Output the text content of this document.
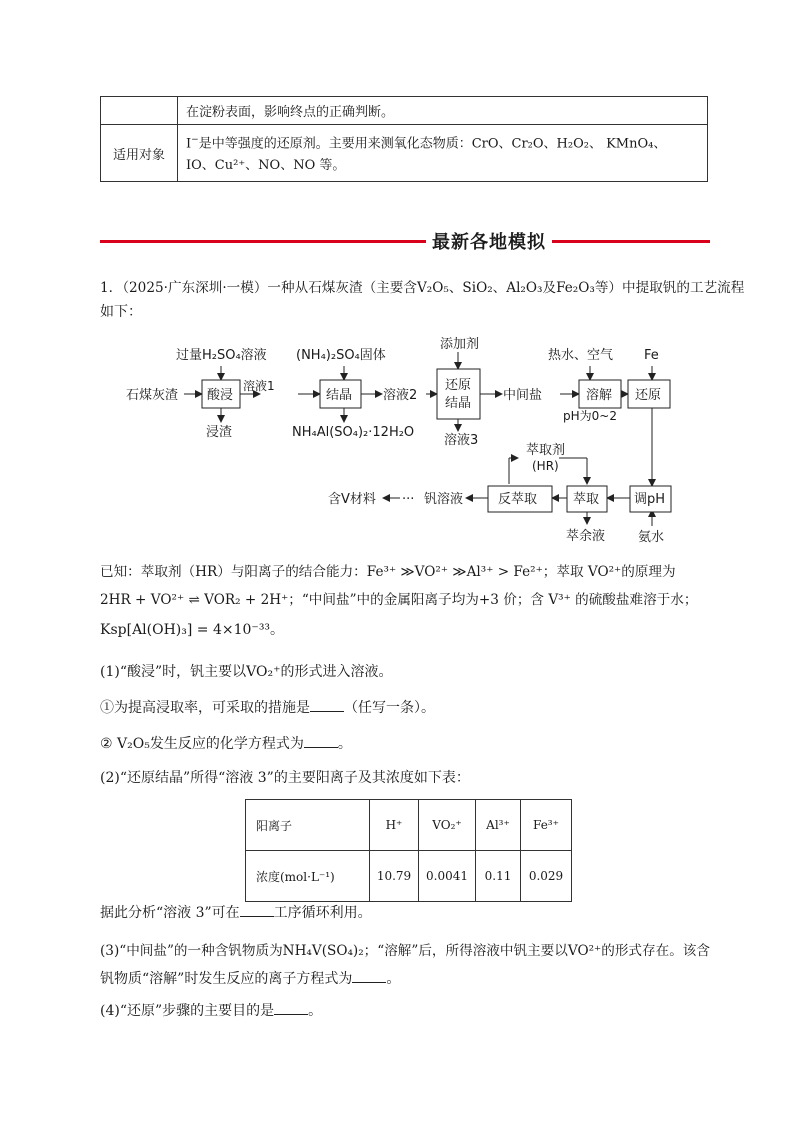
	在淀粉表面，影响终点的正确判断。
适用对象	I−是中等强度的还原剂。主要用来测氧化态物质：CrO、Cr₂O、H₂O₂、 KMnO₄、
IO、Cu²⁺、NO、NO 等。
最新各地模拟
1．（2025·广东深圳·一模）一种从石煤灰渣（主要含V₂O₅、SiO₂、Al₂O₃及Fe₂O₃等）中提取钒的工艺流程
如下：
石煤灰渣 酸浸	结晶
还原
结晶
溶解 还原
调pH
萃取
反萃取
过量H₂SO₄溶液 (NH₄)₂SO₄固体
添加剂
热水、空气 Fe
氨水
浸渣	NH₄Al(SO₄)₂·12H₂O
溶液3
溶液1
溶液2	中间盐
pH为0~2
萃取剂
(HR)
萃余液
钒溶液
···
含V材料
已知：萃取剂（HR）与阳离子的结合能力：Fe³⁺ ≫VO²⁺ ≫Al³⁺ > Fe²⁺；萃取 VO²⁺的原理为
2HR + VO²⁺ ⇌ VOR₂ + 2H⁺；“中间盐”中的金属阳离子均为+3 价；含 V³⁺ 的硫酸盐难溶于水；
Ksp[Al(OH)₃] = 4×10⁻³³。
(1)“酸浸”时，钒主要以VO₂⁺的形式进入溶液。
①为提高浸取率，可采取的措施是 （任写一条）。
② V₂O₅发生反应的化学方程式为 。
(2)“还原结晶”所得“溶液 3”的主要阳离子及其浓度如下表：
阳离子	H⁺	VO₂⁺	Al³⁺	Fe³⁺
浓度(mol·L⁻¹)	10.79	0.0041	0.11	0.029
据此分析“溶液 3”可在 工序循环利用。
(3)“中间盐”的一种含钒物质为NH₄V(SO₄)₂；“溶解”后，所得溶液中钒主要以VO²⁺的形式存在。该含
钒物质“溶解”时发生反应的离子方程式为 。
(4)“还原”步骤的主要目的是 。
